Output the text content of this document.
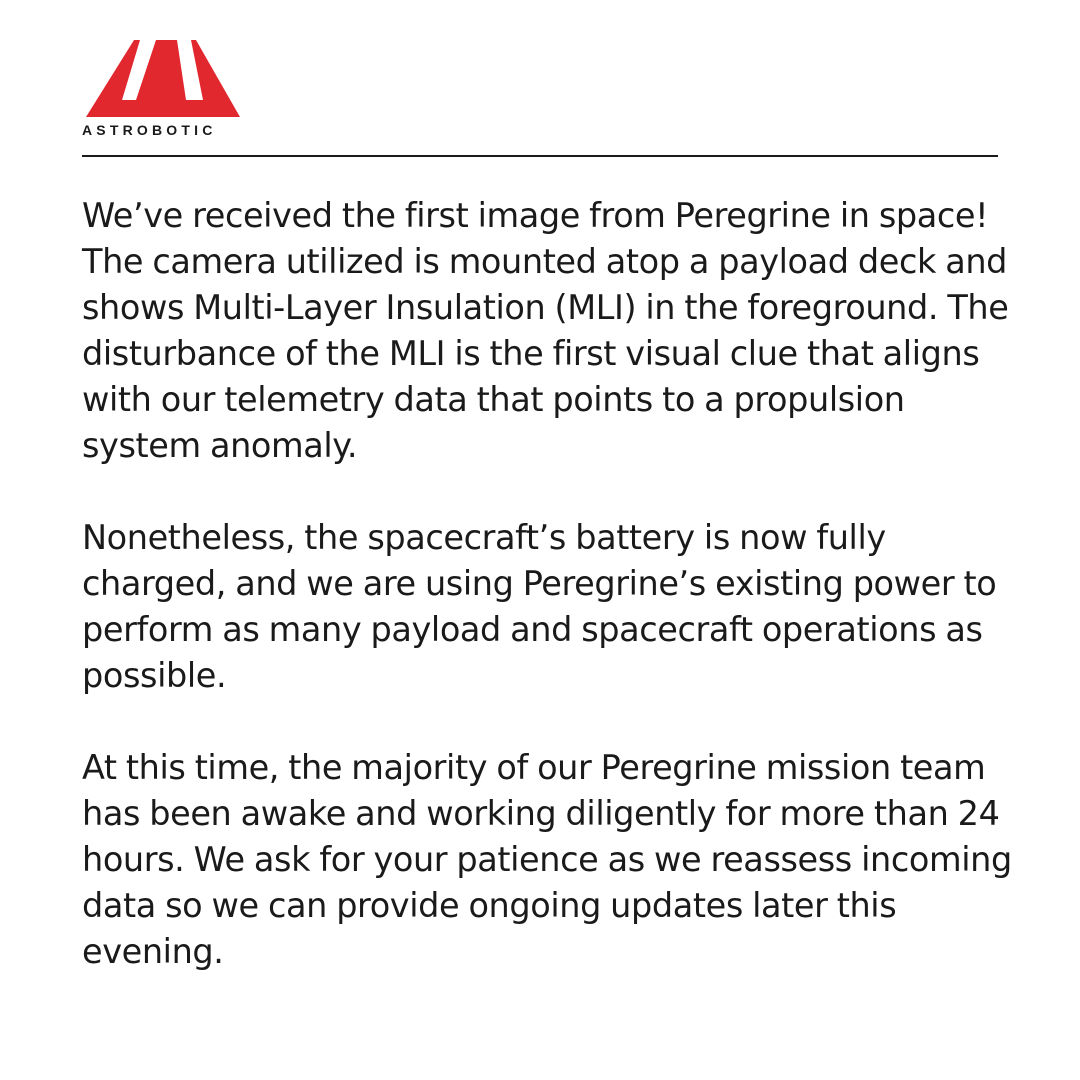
ASTROBOTIC

We’ve received the first image from Peregrine in space! The camera utilized is mounted atop a payload deck and shows Multi-Layer Insulation (MLI) in the foreground. The disturbance of the MLI is the first visual clue that aligns with our telemetry data that points to a propulsion system anomaly.

Nonetheless, the spacecraft’s battery is now fully charged, and we are using Peregrine’s existing power to perform as many payload and spacecraft operations as possible.

At this time, the majority of our Peregrine mission team has been awake and working diligently for more than 24 hours. We ask for your patience as we reassess incoming data so we can provide ongoing updates later this evening.
